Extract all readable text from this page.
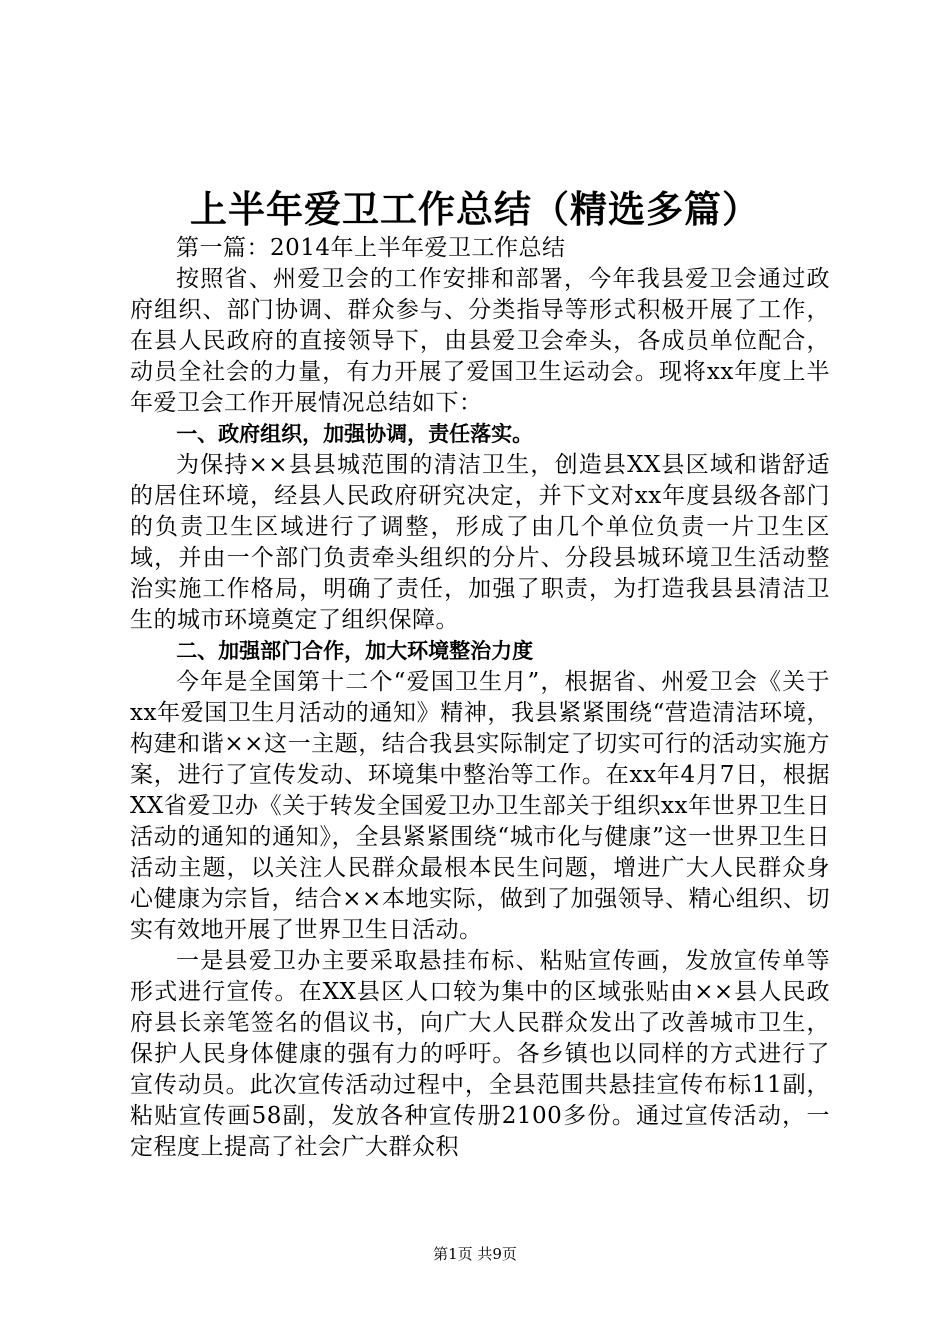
上半年爱卫工作总结（精选多篇）

第一篇：2014年上半年爱卫工作总结

按照省、州爱卫会的工作安排和部署，今年我县爱卫会通过政府组织、部门协调、群众参与、分类指导等形式积极开展了工作，在县人民政府的直接领导下，由县爱卫会牵头，各成员单位配合，动员全社会的力量，有力开展了爱国卫生运动会。现将xx年度上半年爱卫会工作开展情况总结如下：

一、政府组织，加强协调，责任落实。

为保持××县县城范围的清洁卫生，创造县XX县区域和谐舒适的居住环境，经县人民政府研究决定，并下文对xx年度县级各部门的负责卫生区域进行了调整，形成了由几个单位负责一片卫生区域，并由一个部门负责牵头组织的分片、分段县城环境卫生活动整治实施工作格局，明确了责任，加强了职责，为打造我县县清洁卫生的城市环境奠定了组织保障。

二、加强部门合作，加大环境整治力度

今年是全国第十二个“爱国卫生月”，根据省、州爱卫会《关于xx年爱国卫生月活动的通知》精神，我县紧紧围绕“营造清洁环境，构建和谐××这一主题，结合我县实际制定了切实可行的活动实施方案，进行了宣传发动、环境集中整治等工作。在xx年4月7日，根据XX省爱卫办《关于转发全国爱卫办卫生部关于组织xx年世界卫生日活动的通知的通知》，全县紧紧围绕“城市化与健康”这一世界卫生日活动主题，以关注人民群众最根本民生问题，增进广大人民群众身心健康为宗旨，结合××本地实际，做到了加强领导、精心组织、切实有效地开展了世界卫生日活动。

一是县爱卫办主要采取悬挂布标、粘贴宣传画，发放宣传单等形式进行宣传。在XX县区人口较为集中的区域张贴由××县人民政府县长亲笔签名的倡议书，向广大人民群众发出了改善城市卫生，保护人民身体健康的强有力的呼吁。各乡镇也以同样的方式进行了宣传动员。此次宣传活动过程中，全县范围共悬挂宣传布标11副，粘贴宣传画58副，发放各种宣传册2100多份。通过宣传活动，一定程度上提高了社会广大群众积

第1页 共9页
